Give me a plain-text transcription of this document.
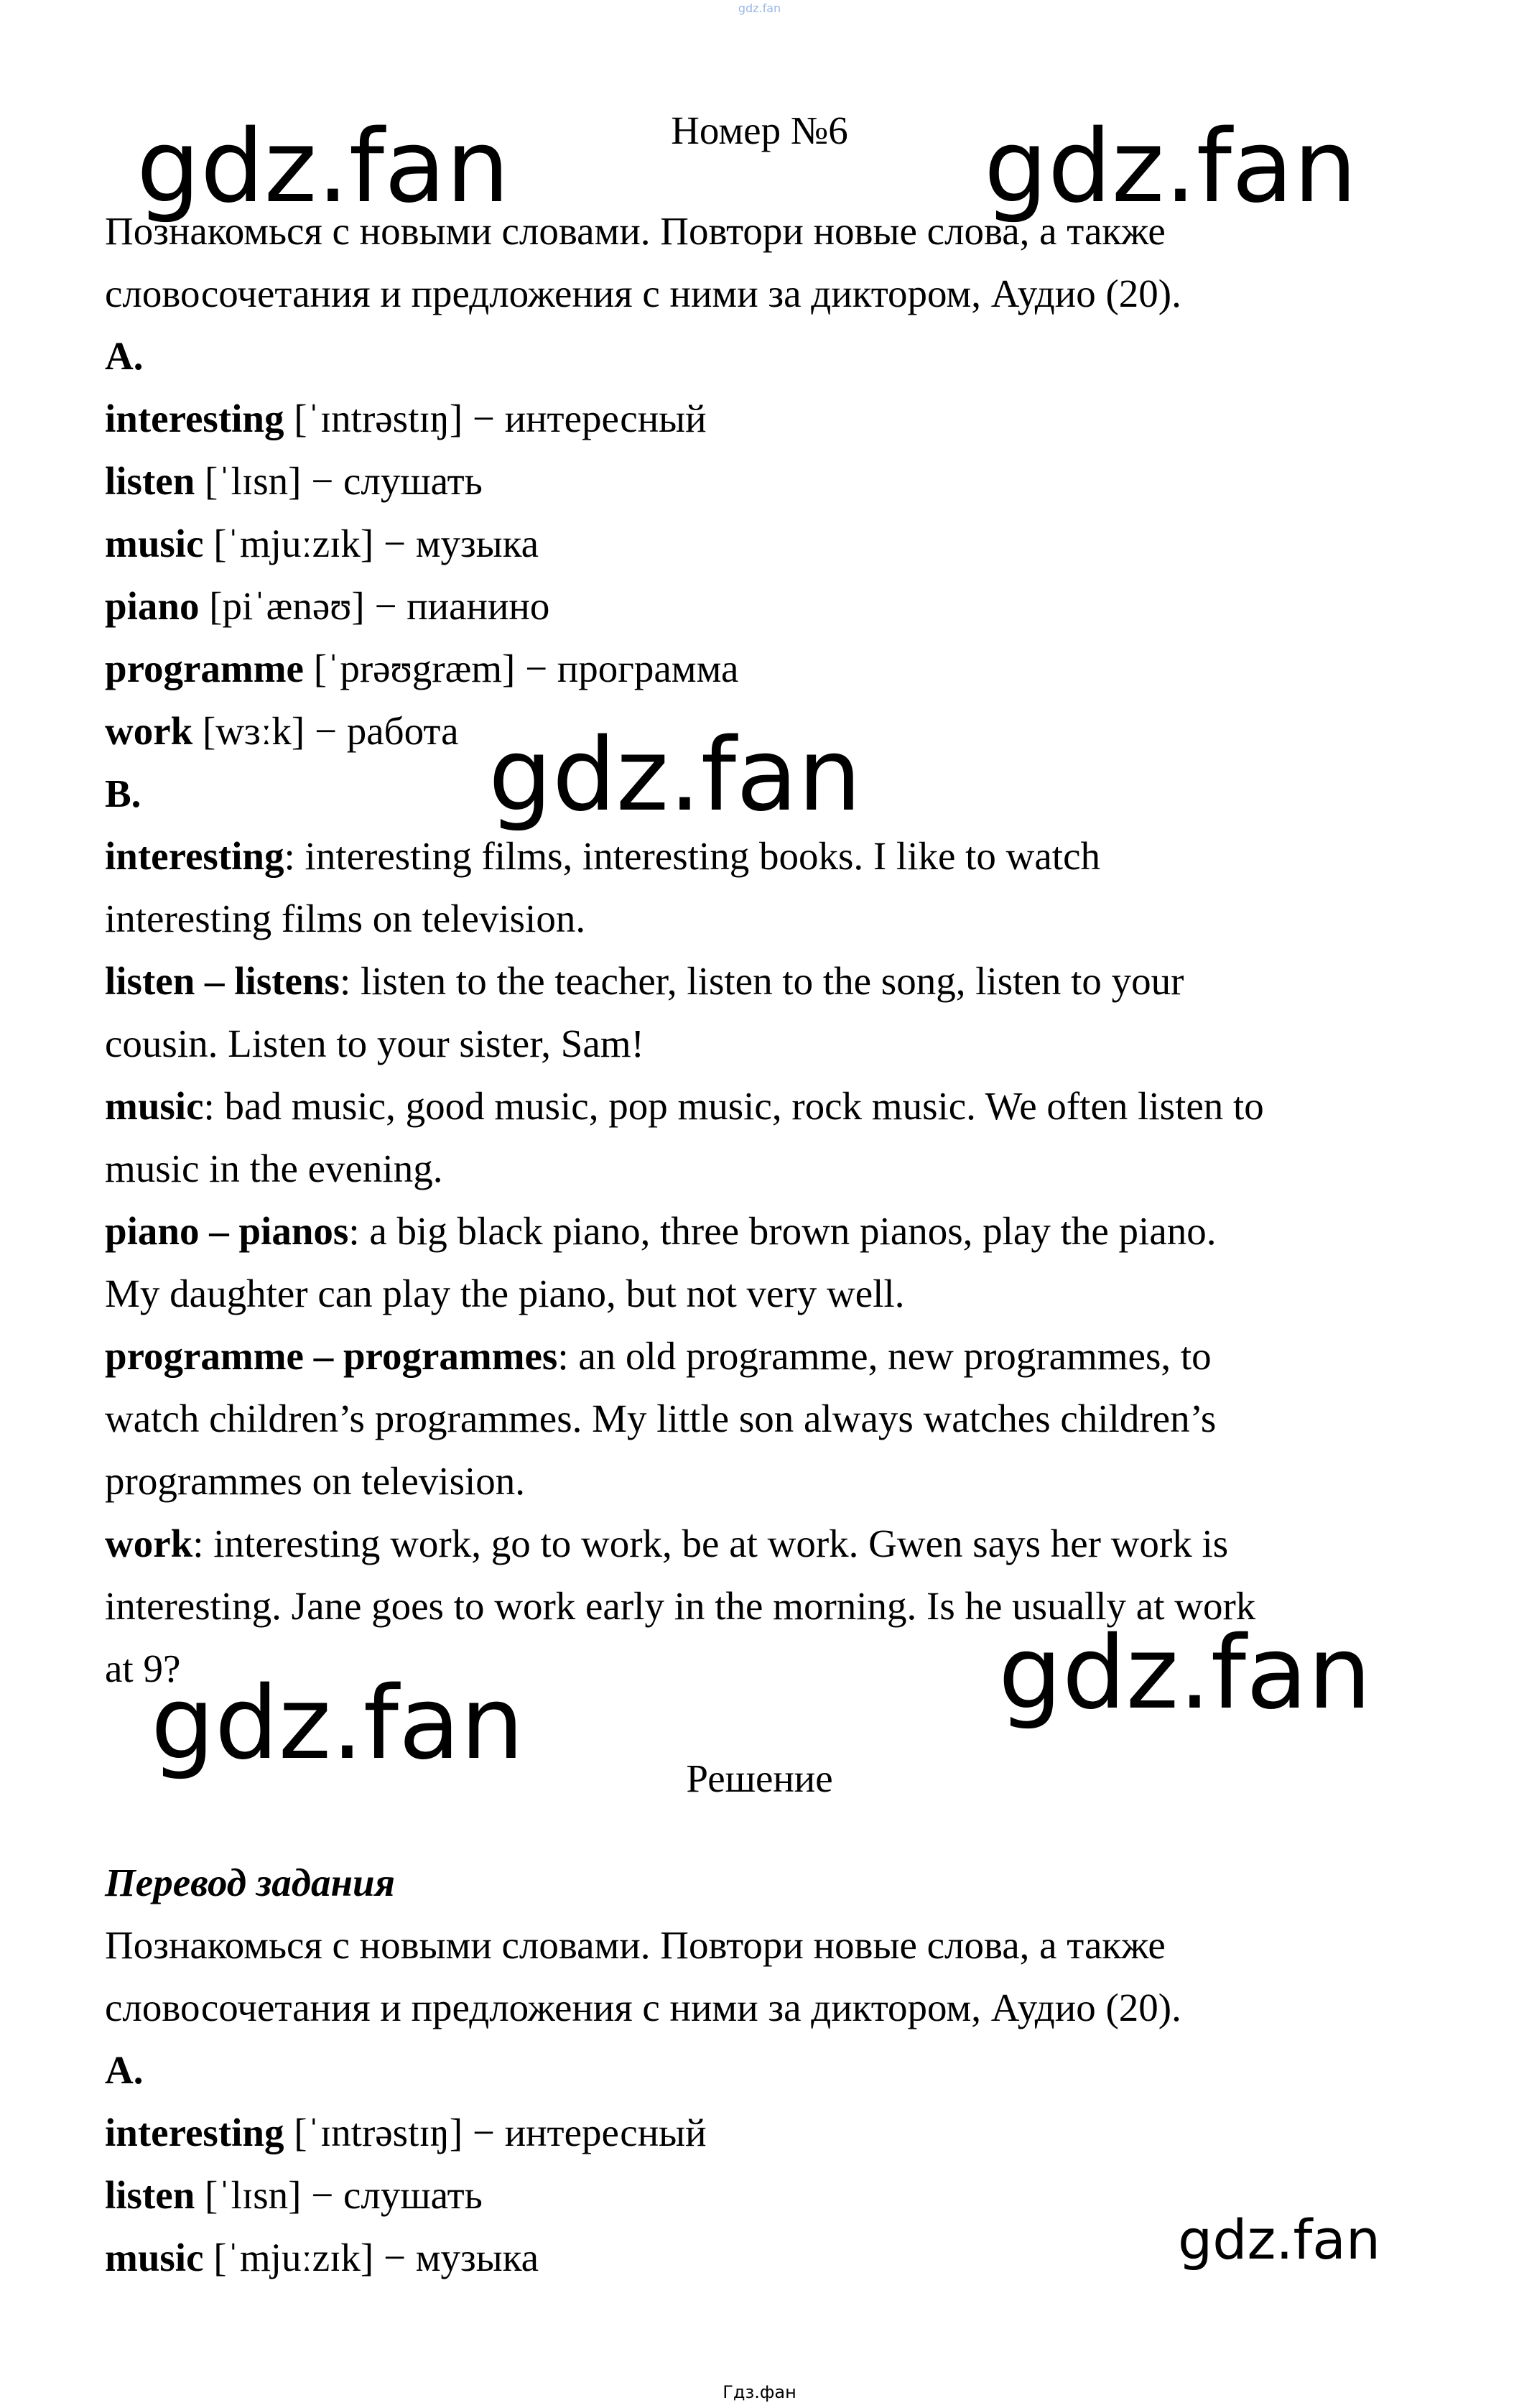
gdz.fan
Номер №6
Познакомься с новыми словами. Повтори новые слова, а также
словосочетания и предложения с ними за диктором, Аудио (20).
A.
interesting [ˈɪntrəstɪŋ] − интересный
listen [ˈlɪsn] − слушать
music [ˈmjuːzɪk] − музыка
piano [piˈænəʊ] − пианино
programme [ˈprəʊgræm] − программа
work [wɜːk] − работа
B.
interesting: interesting films, interesting books. I like to watch
interesting films on television.
listen – listens: listen to the teacher, listen to the song, listen to your
cousin. Listen to your sister, Sam!
music: bad music, good music, pop music, rock music. We often listen to
music in the evening.
piano – pianos: a big black piano, three brown pianos, play the piano.
My daughter can play the piano, but not very well.
programme – programmes: an old programme, new programmes, to
watch children’s programmes. My little son always watches children’s
programmes on television.
work: interesting work, go to work, be at work. Gwen says her work is
interesting. Jane goes to work early in the morning. Is he usually at work
at 9?
Решение
Перевод задания
Познакомься с новыми словами. Повтори новые слова, а также
словосочетания и предложения с ними за диктором, Аудио (20).
A.
interesting [ˈɪntrəstɪŋ] − интересный
listen [ˈlɪsn] − слушать
music [ˈmjuːzɪk] − музыка
gdz.fan	gdz.fan
gdz.fan
gdz.fan
gdz.fan
gdz.fan
Гдз.фан
